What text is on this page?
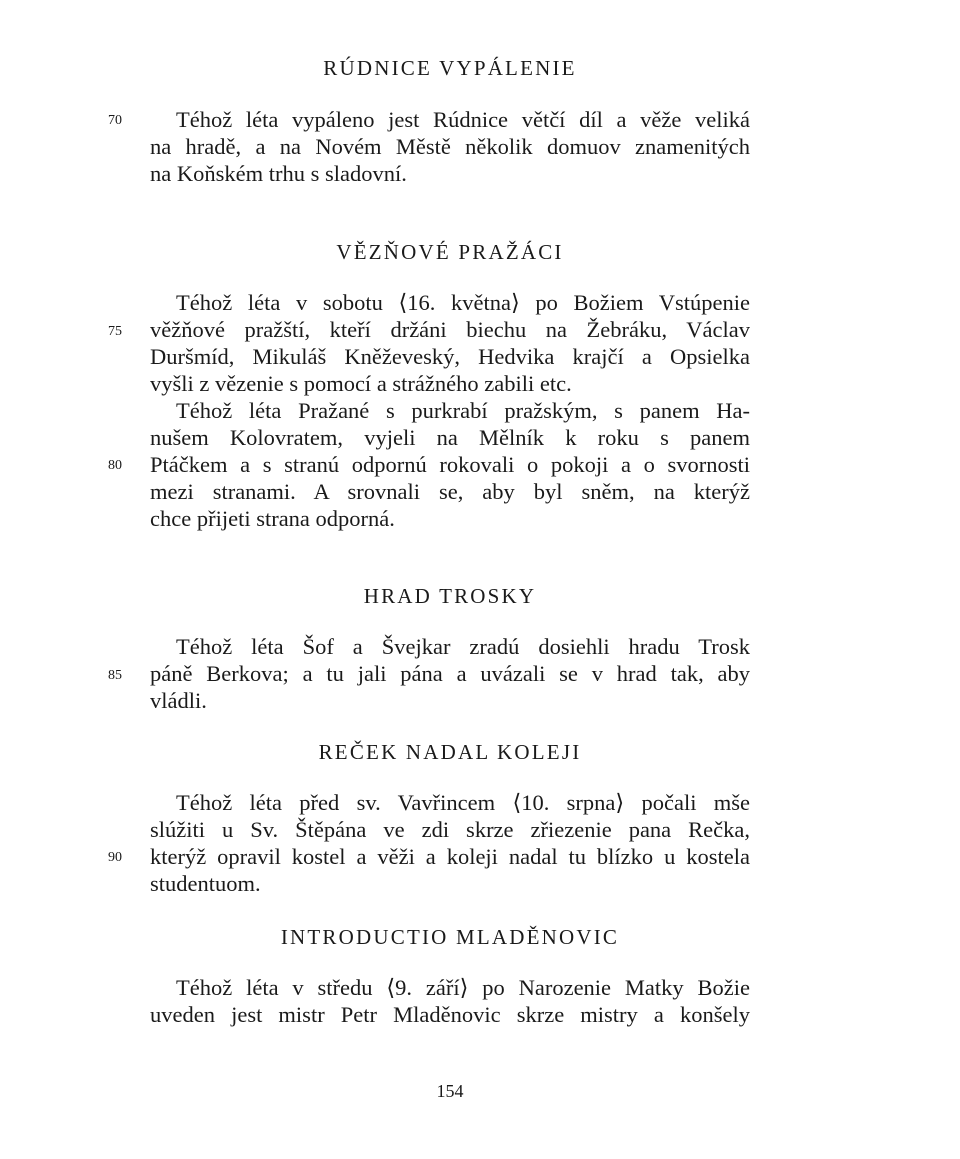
RÚDNICE VYPÁLENIE
70	Téhož léta vypáleno jest Rúdnice větčí díl a věže veliká
na hradě, a na Novém Městě několik domuov znamenitých
na Koňském trhu s sladovní.
VĚZŇOVÉ PRAŽÁCI
Téhož léta v sobotu ⟨16. května⟩ po Božiem Vstúpenie
75	věžňové pražští, kteří držáni biechu na Žebráku, Václav
Duršmíd, Mikuláš Kněževeský, Hedvika krajčí a Opsielka
vyšli z vězenie s pomocí a strážného zabili etc.
Téhož léta Pražané s purkrabí pražským, s panem Ha-
nušem Kolovratem, vyjeli na Mělník k roku s panem
80	Ptáčkem a s stranú odpornú rokovali o pokoji a o svornosti
mezi stranami. A srovnali se, aby byl sněm, na kterýž
chce přijeti strana odporná.
HRAD TROSKY
Téhož léta Šof a Švejkar zradú dosiehli hradu Trosk
85	páně Berkova; a tu jali pána a uvázali se v hrad tak, aby
vládli.
REČEK NADAL KOLEJI
Téhož léta před sv. Vavřincem ⟨10. srpna⟩ počali mše
slúžiti u Sv. Štěpána ve zdi skrze zřiezenie pana Rečka,
90	kterýž opravil kostel a věži a koleji nadal tu blízko u kostela
studentuom.
INTRODUCTIO MLADĚNOVIC
Téhož léta v středu ⟨9. září⟩ po Narozenie Matky Božie
uveden jest mistr Petr Mladěnovic skrze mistry a konšely
154
